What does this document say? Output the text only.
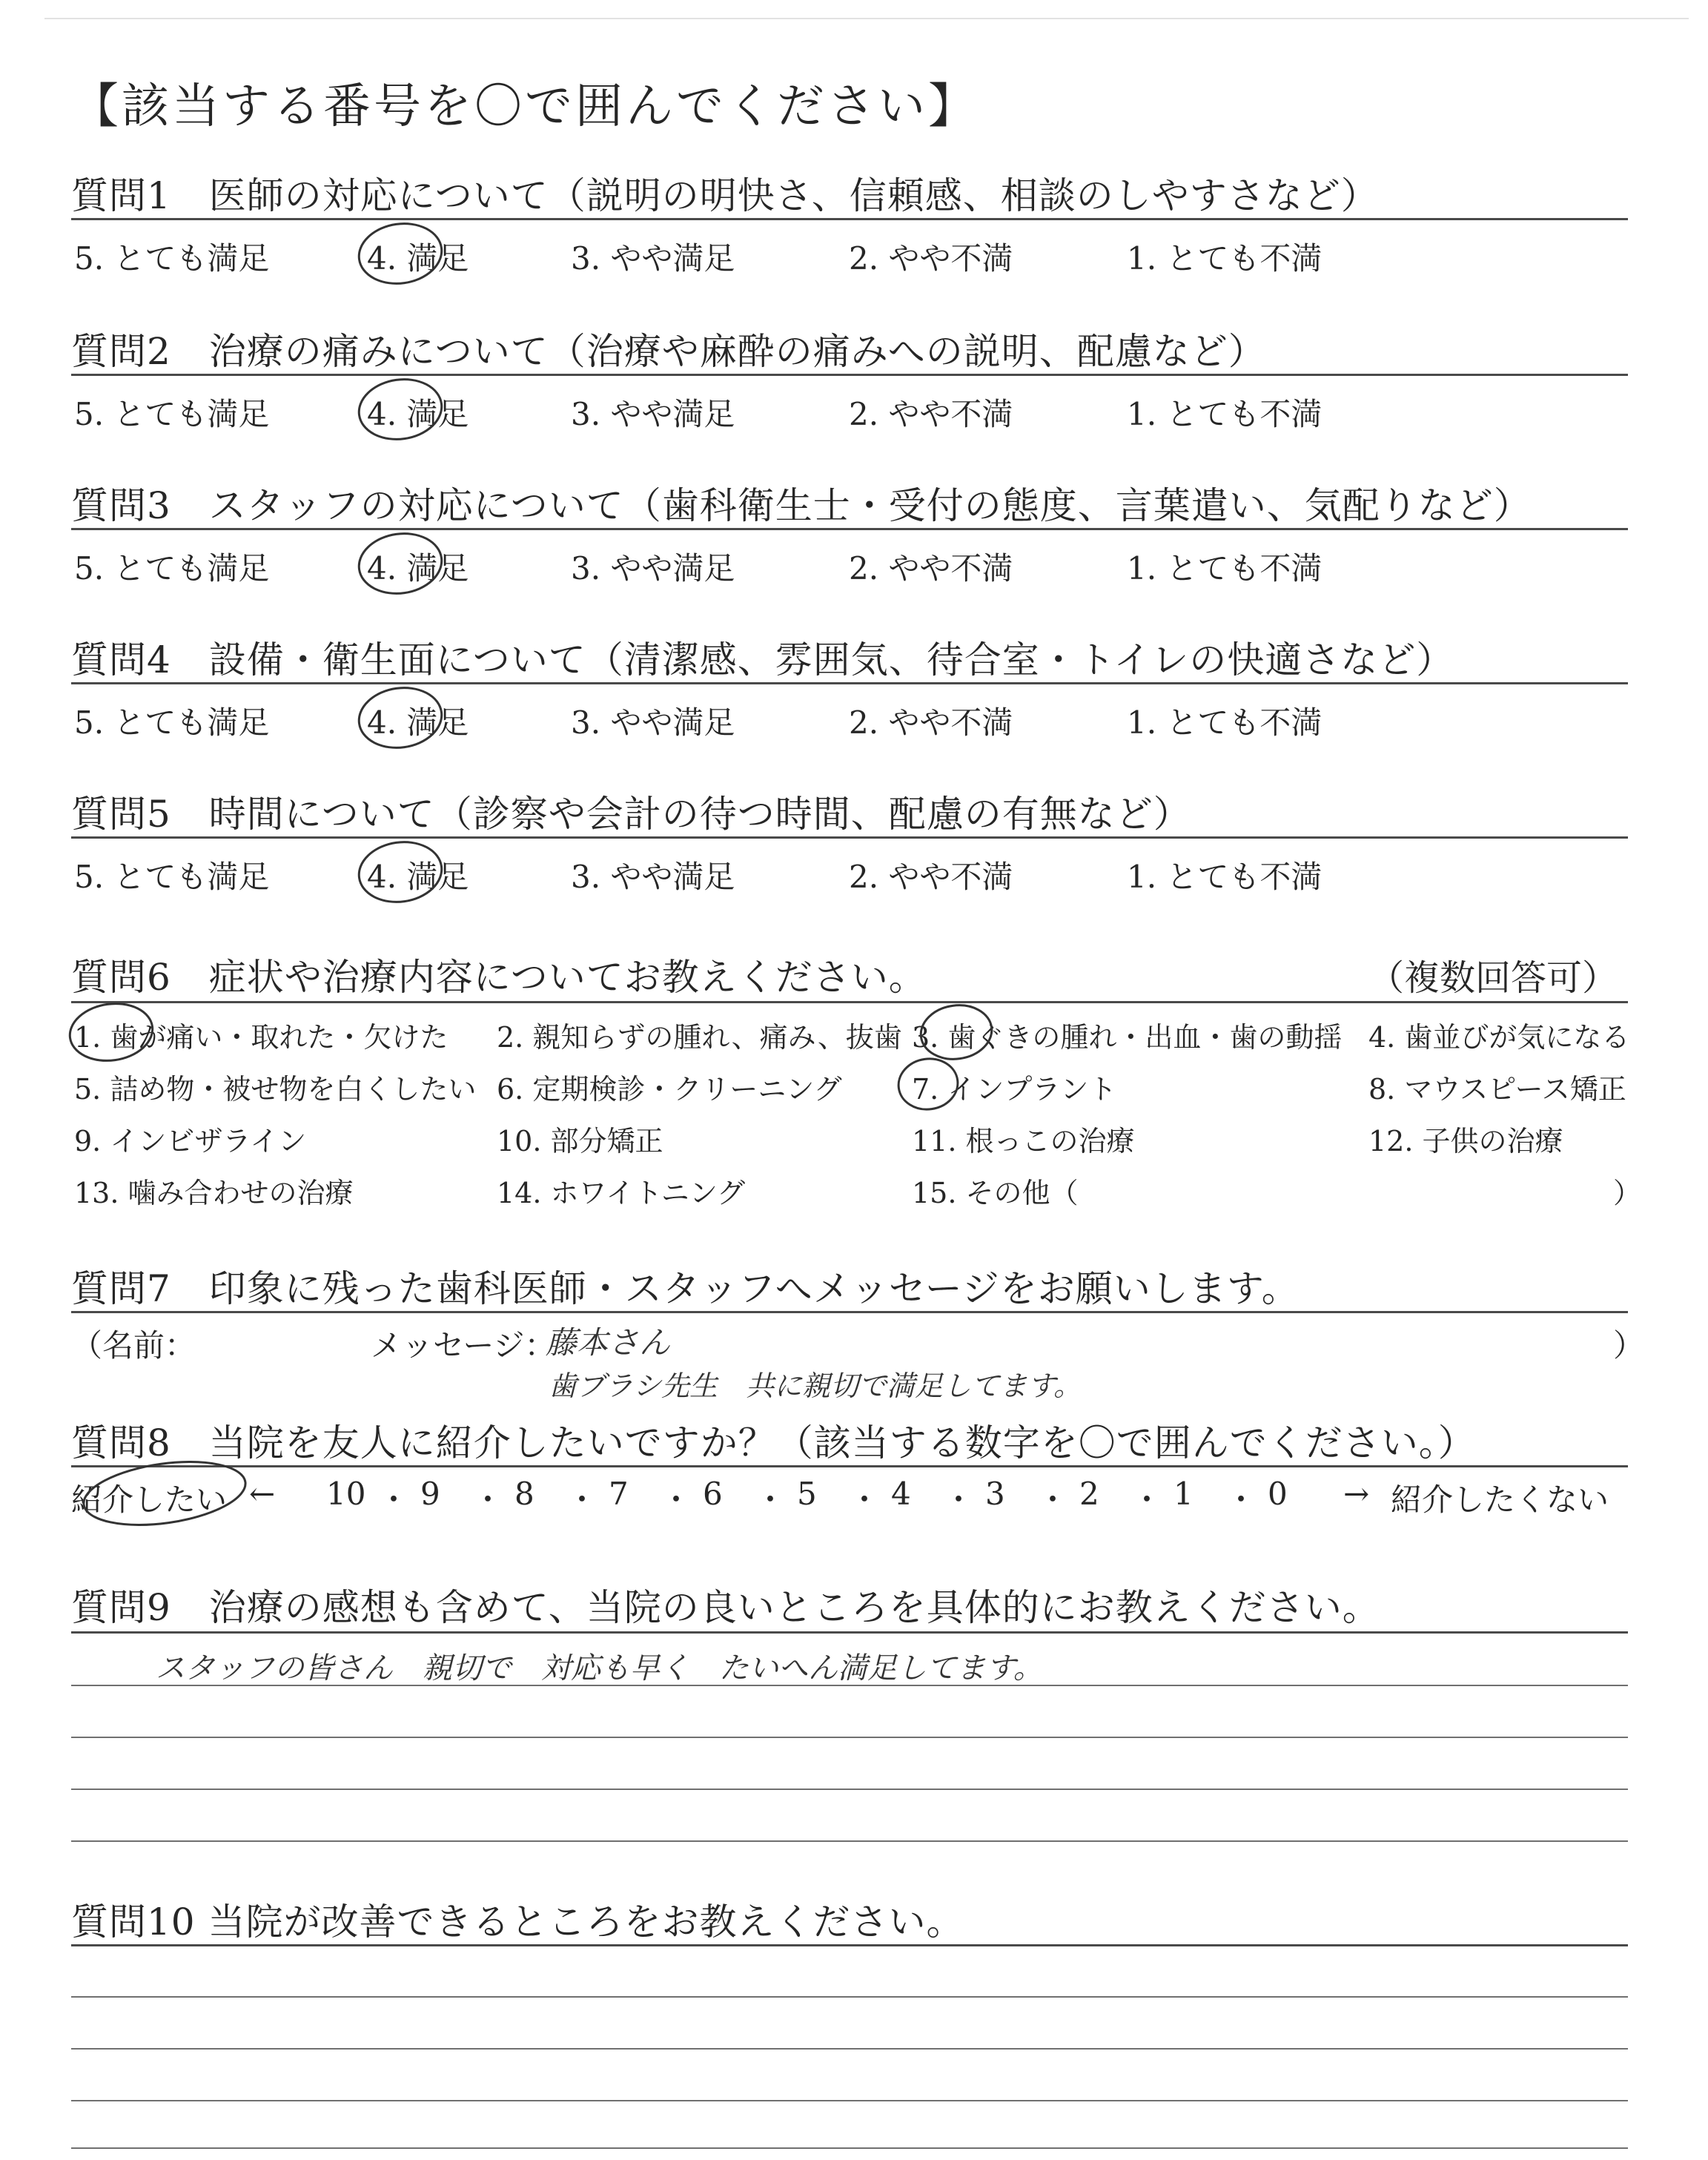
【該当する番号を〇で囲んでください】
質問1　医師の対応について（説明の明快さ、信頼感、相談のしやすさなど）
5. とても満足	4. 満足	3. やや満足	2. やや不満	1. とても不満
質問2　治療の痛みについて（治療や麻酔の痛みへの説明、配慮など）
5. とても満足	4. 満足	3. やや満足	2. やや不満	1. とても不満
質問3　スタッフの対応について（歯科衛生士・受付の態度、言葉遣い、気配りなど）
5. とても満足	4. 満足	3. やや満足	2. やや不満	1. とても不満
質問4　設備・衛生面について（清潔感、雰囲気、待合室・トイレの快適さなど）
5. とても満足	4. 満足	3. やや満足	2. やや不満	1. とても不満
質問5　時間について（診察や会計の待つ時間、配慮の有無など）
5. とても満足	4. 満足	3. やや満足	2. やや不満	1. とても不満
質問6　症状や治療内容についてお教えください。	（複数回答可）
1. 歯が痛い・取れた・欠けた 2. 親知らずの腫れ、痛み、抜歯 3. 歯ぐきの腫れ・出血・歯の動揺 4. 歯並びが気になる
5. 詰め物・被せ物を白くしたい 6. 定期検診・クリーニング 7. インプラント	8. マウスピース矯正
9. インビザライン	10. 部分矯正	11. 根っこの治療	12. 子供の治療
13. 噛み合わせの治療	14. ホワイトニング	15. その他（	）
質問7　印象に残った歯科医師・スタッフへメッセージをお願いします。
（名前：	メッセージ：	）
藤本さん
歯ブラシ先生　共に親切で満足してます。
質問8　当院を友人に紹介したいですか？（該当する数字を〇で囲んでください。）
紹介したい ← 10 ・ 9 ・ 8 ・ 7 ・ 6 ・ 5 ・ 4 ・ 3 ・ 2 ・ 1 ・ 0 → 紹介したくない
質問9　治療の感想も含めて、当院の良いところを具体的にお教えください。
スタッフの皆さん　親切で　対応も早く　たいへん満足してます。
質問10 当院が改善できるところをお教えください。
